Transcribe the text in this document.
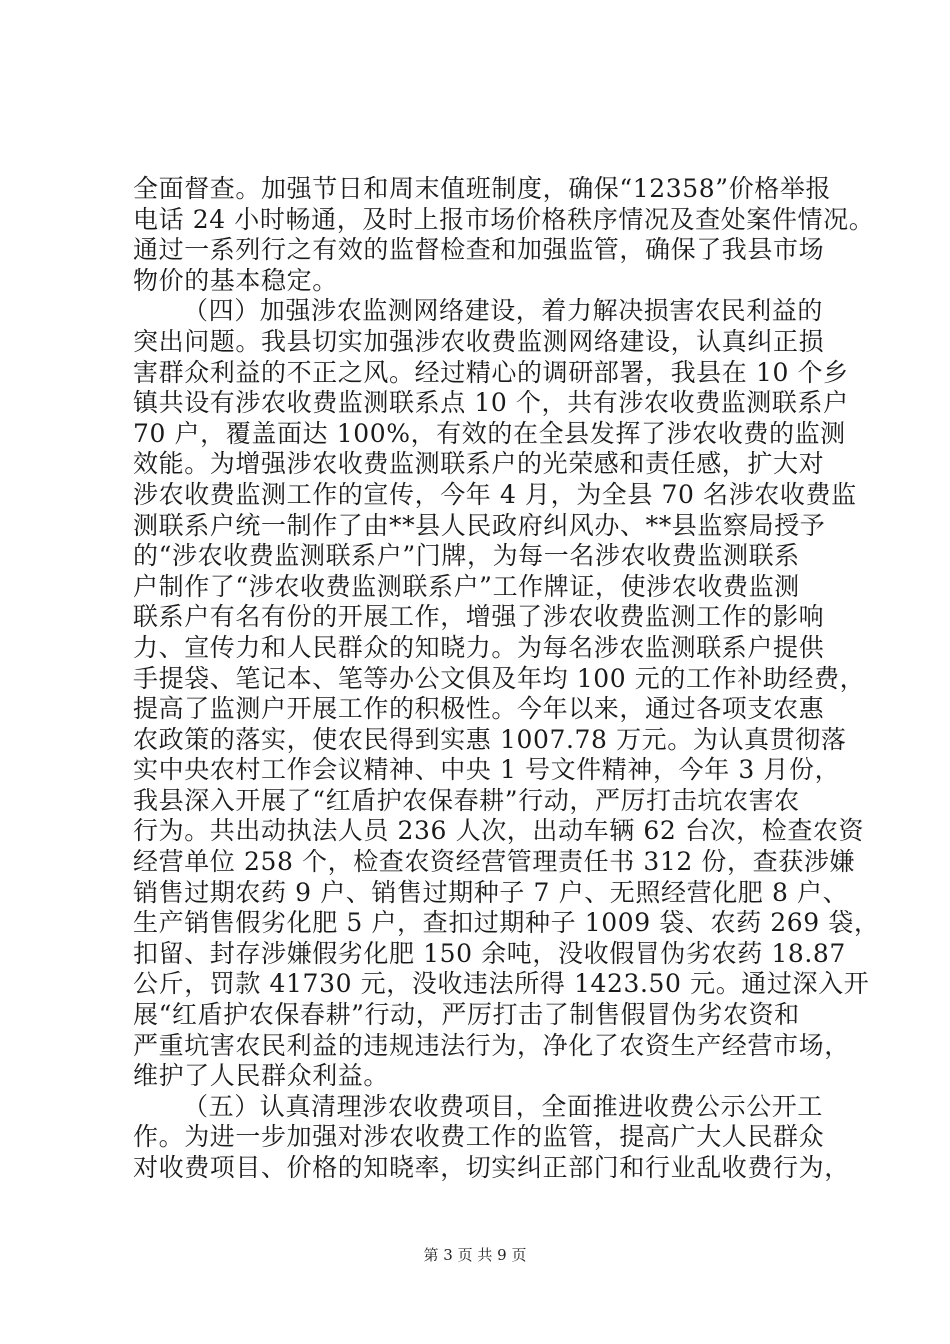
全面督查。加强节日和周末值班制度，确保“12358”价格举报
电话 24 小时畅通，及时上报市场价格秩序情况及查处案件情况。
通过一系列行之有效的监督检查和加强监管，确保了我县市场
物价的基本稳定。
（四）加强涉农监测网络建设，着力解决损害农民利益的
突出问题。我县切实加强涉农收费监测网络建设，认真纠正损
害群众利益的不正之风。经过精心的调研部署，我县在 10 个乡
镇共设有涉农收费监测联系点 10 个，共有涉农收费监测联系户
70 户，覆盖面达 100%，有效的在全县发挥了涉农收费的监测
效能。为增强涉农收费监测联系户的光荣感和责任感，扩大对
涉农收费监测工作的宣传，今年 4 月，为全县 70 名涉农收费监
测联系户统一制作了由**县人民政府纠风办、**县监察局授予
的“涉农收费监测联系户”门牌，为每一名涉农收费监测联系
户制作了“涉农收费监测联系户”工作牌证，使涉农收费监测
联系户有名有份的开展工作，增强了涉农收费监测工作的影响
力、宣传力和人民群众的知晓力。为每名涉农监测联系户提供
手提袋、笔记本、笔等办公文俱及年均 100 元的工作补助经费，
提高了监测户开展工作的积极性。今年以来，通过各项支农惠
农政策的落实，使农民得到实惠 1007.78 万元。为认真贯彻落
实中央农村工作会议精神、中央 1 号文件精神，今年 3 月份，
我县深入开展了“红盾护农保春耕”行动，严厉打击坑农害农
行为。共出动执法人员 236 人次，出动车辆 62 台次，检查农资
经营单位 258 个，检查农资经营管理责任书 312 份，查获涉嫌
销售过期农药 9 户、销售过期种子 7 户、无照经营化肥 8 户、
生产销售假劣化肥 5 户，查扣过期种子 1009 袋、农药 269 袋，
扣留、封存涉嫌假劣化肥 150 余吨，没收假冒伪劣农药 18.87
公斤，罚款 41730 元，没收违法所得 1423.50 元。通过深入开
展“红盾护农保春耕”行动，严厉打击了制售假冒伪劣农资和
严重坑害农民利益的违规违法行为，净化了农资生产经营市场，
维护了人民群众利益。
（五）认真清理涉农收费项目，全面推进收费公示公开工
作。为进一步加强对涉农收费工作的监管，提高广大人民群众
对收费项目、价格的知晓率，切实纠正部门和行业乱收费行为，
第 3 页 共 9 页
